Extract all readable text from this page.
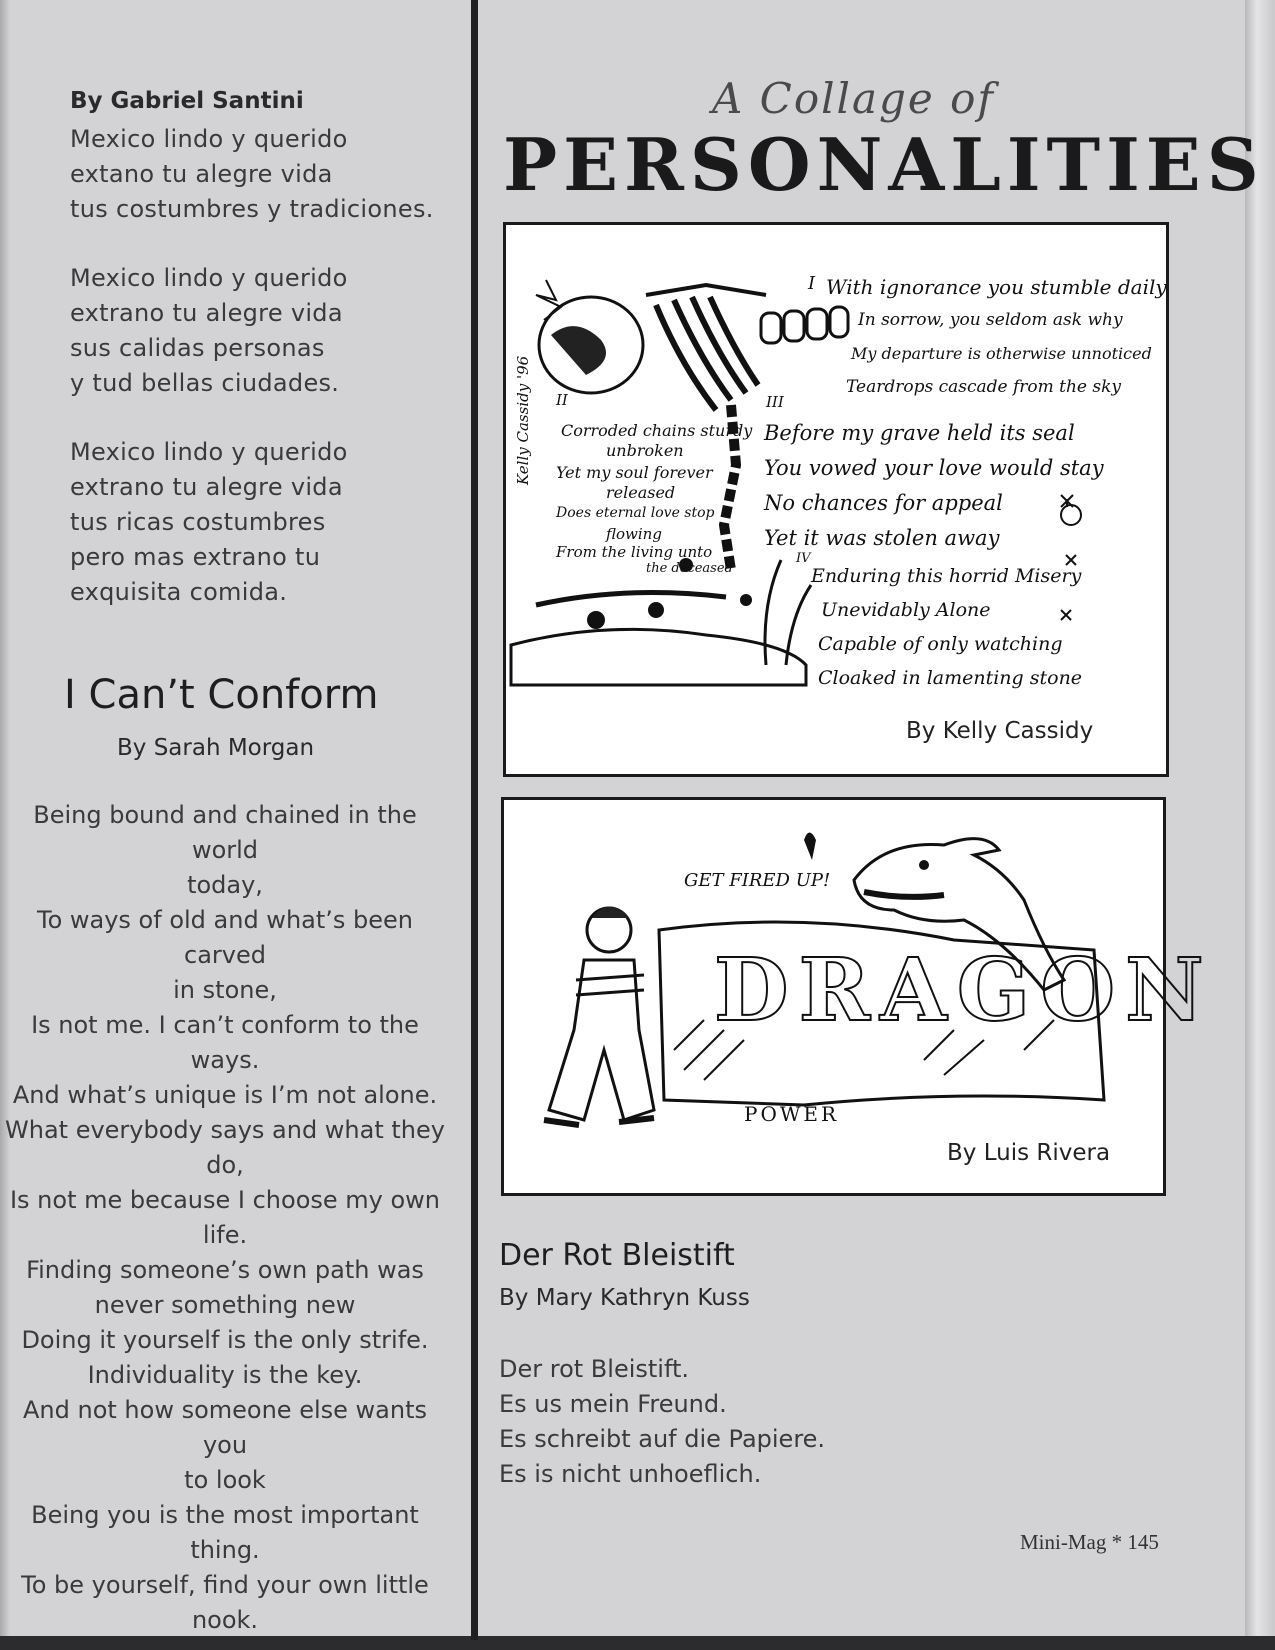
By Gabriel Santini

Mexico lindo y querido

extano tu alegre vida

tus costumbres y tradiciones.

Mexico lindo y querido

extrano tu alegre vida

sus calidas personas

y tud bellas ciudades.

Mexico lindo y querido

extrano tu alegre vida

tus ricas costumbres

pero mas extrano tu

exquisita comida.

I Can’t Conform
By Sarah Morgan

Being bound and chained in the world

today,

To ways of old and what’s been carved

in stone,

Is not me. I can’t conform to the

ways.

And what’s unique is I’m not alone.

What everybody says and what they

do,

Is not me because I choose my own

life.

Finding someone’s own path was

never something new

Doing it yourself is the only strife.

Individuality is the key.

And not how someone else wants you

to look

Being you is the most important

thing.

To be yourself, find your own little

nook.

A Collage of
PERSONALITIES
I With ignorance you stumble daily
In sorrow, you seldom ask why
My departure is otherwise unnoticed
Teardrops cascade from the sky
III
Before my grave held its seal
You vowed your love would stay
No chances for appeal
Yet it was stolen away
IV
Enduring this horrid Misery
Unevidably Alone
Capable of only watching
Cloaked in lamenting stone
II
Corroded chains sturdy
unbroken
Yet my soul forever
released
Does eternal love stop
flowing
From the living unto
the deceased
Kelly Cassidy '96
By Kelly Cassidy
GET FIRED UP!
DRAGON
POWER
By Luis Rivera
Der Rot Bleistift
By Mary Kathryn Kuss

Der rot Bleistift.

Es us mein Freund.

Es schreibt auf die Papiere.

Es is nicht unhoeflich.

Mini-Mag * 145
